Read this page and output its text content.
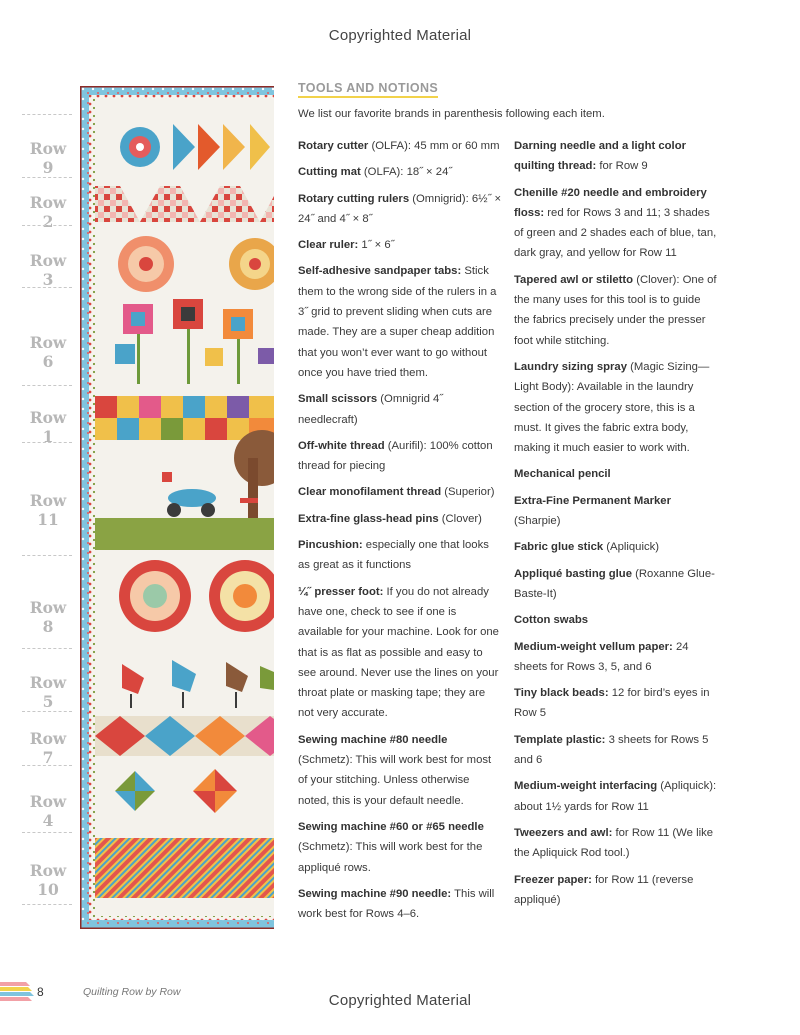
Copyrighted Material
Row 9
Row 2
Row 3
Row 6
Row 1
Row 11
Row 8
Row 5
Row 7
Row 4
Row 10
TOOLS AND NOTIONS
We list our favorite brands in parenthesis following each item.
Rotary cutter (OLFA): 45 mm or 60 mm
Cutting mat (OLFA): 18˝ × 24˝
Rotary cutting rulers (Omnigrid): 6½˝ × 24˝ and 4˝ × 8˝
Clear ruler: 1˝ × 6˝
Self-adhesive sandpaper tabs: Stick them to the wrong side of the rulers in a 3˝ grid to prevent sliding when cuts are made. They are a super cheap addition that you won’t ever want to go without once you have tried them.
Small scissors (Omnigrid 4˝ needlecraft)
Off-white thread (Aurifil): 100% cotton thread for piecing
Clear monofilament thread (Superior)
Extra-fine glass-head pins (Clover)
Pincushion: especially one that looks as great as it functions
¼˝ presser foot: If you do not already have one, check to see if one is available for your machine. Look for one that is as flat as possible and easy to see around. Never use the lines on your throat plate or masking tape; they are not very accurate.
Sewing machine #80 needle (Schmetz): This will work best for most of your stitching. Unless otherwise noted, this is your default needle.
Sewing machine #60 or #65 needle (Schmetz): This will work best for the appliqué rows.
Sewing machine #90 needle: This will work best for Rows 4–6.
Darning needle and a light color quilting thread: for Row 9
Chenille #20 needle and embroidery floss: red for Rows 3 and 11; 3 shades of green and 2 shades each of blue, tan, dark gray, and yellow for Row 11
Tapered awl or stiletto (Clover): One of the many uses for this tool is to guide the fabrics precisely under the presser foot while stitching.
Laundry sizing spray (Magic Sizing—Light Body): Available in the laundry section of the grocery store, this is a must. It gives the fabric extra body, making it much easier to work with.
Mechanical pencil
Extra-Fine Permanent Marker (Sharpie)
Fabric glue stick (Apliquick)
Appliqué basting glue (Roxanne Glue-Baste-It)
Cotton swabs
Medium-weight vellum paper: 24 sheets for Rows 3, 5, and 6
Tiny black beads: 12 for bird’s eyes in Row 5
Template plastic: 3 sheets for Rows 5 and 6
Medium-weight interfacing (Apliquick): about 1½ yards for Row 11
Tweezers and awl: for Row 11 (We like the Apliquick Rod tool.)
Freezer paper: for Row 11 (reverse appliqué)
8	Quilting Row by Row	Copyrighted Material
